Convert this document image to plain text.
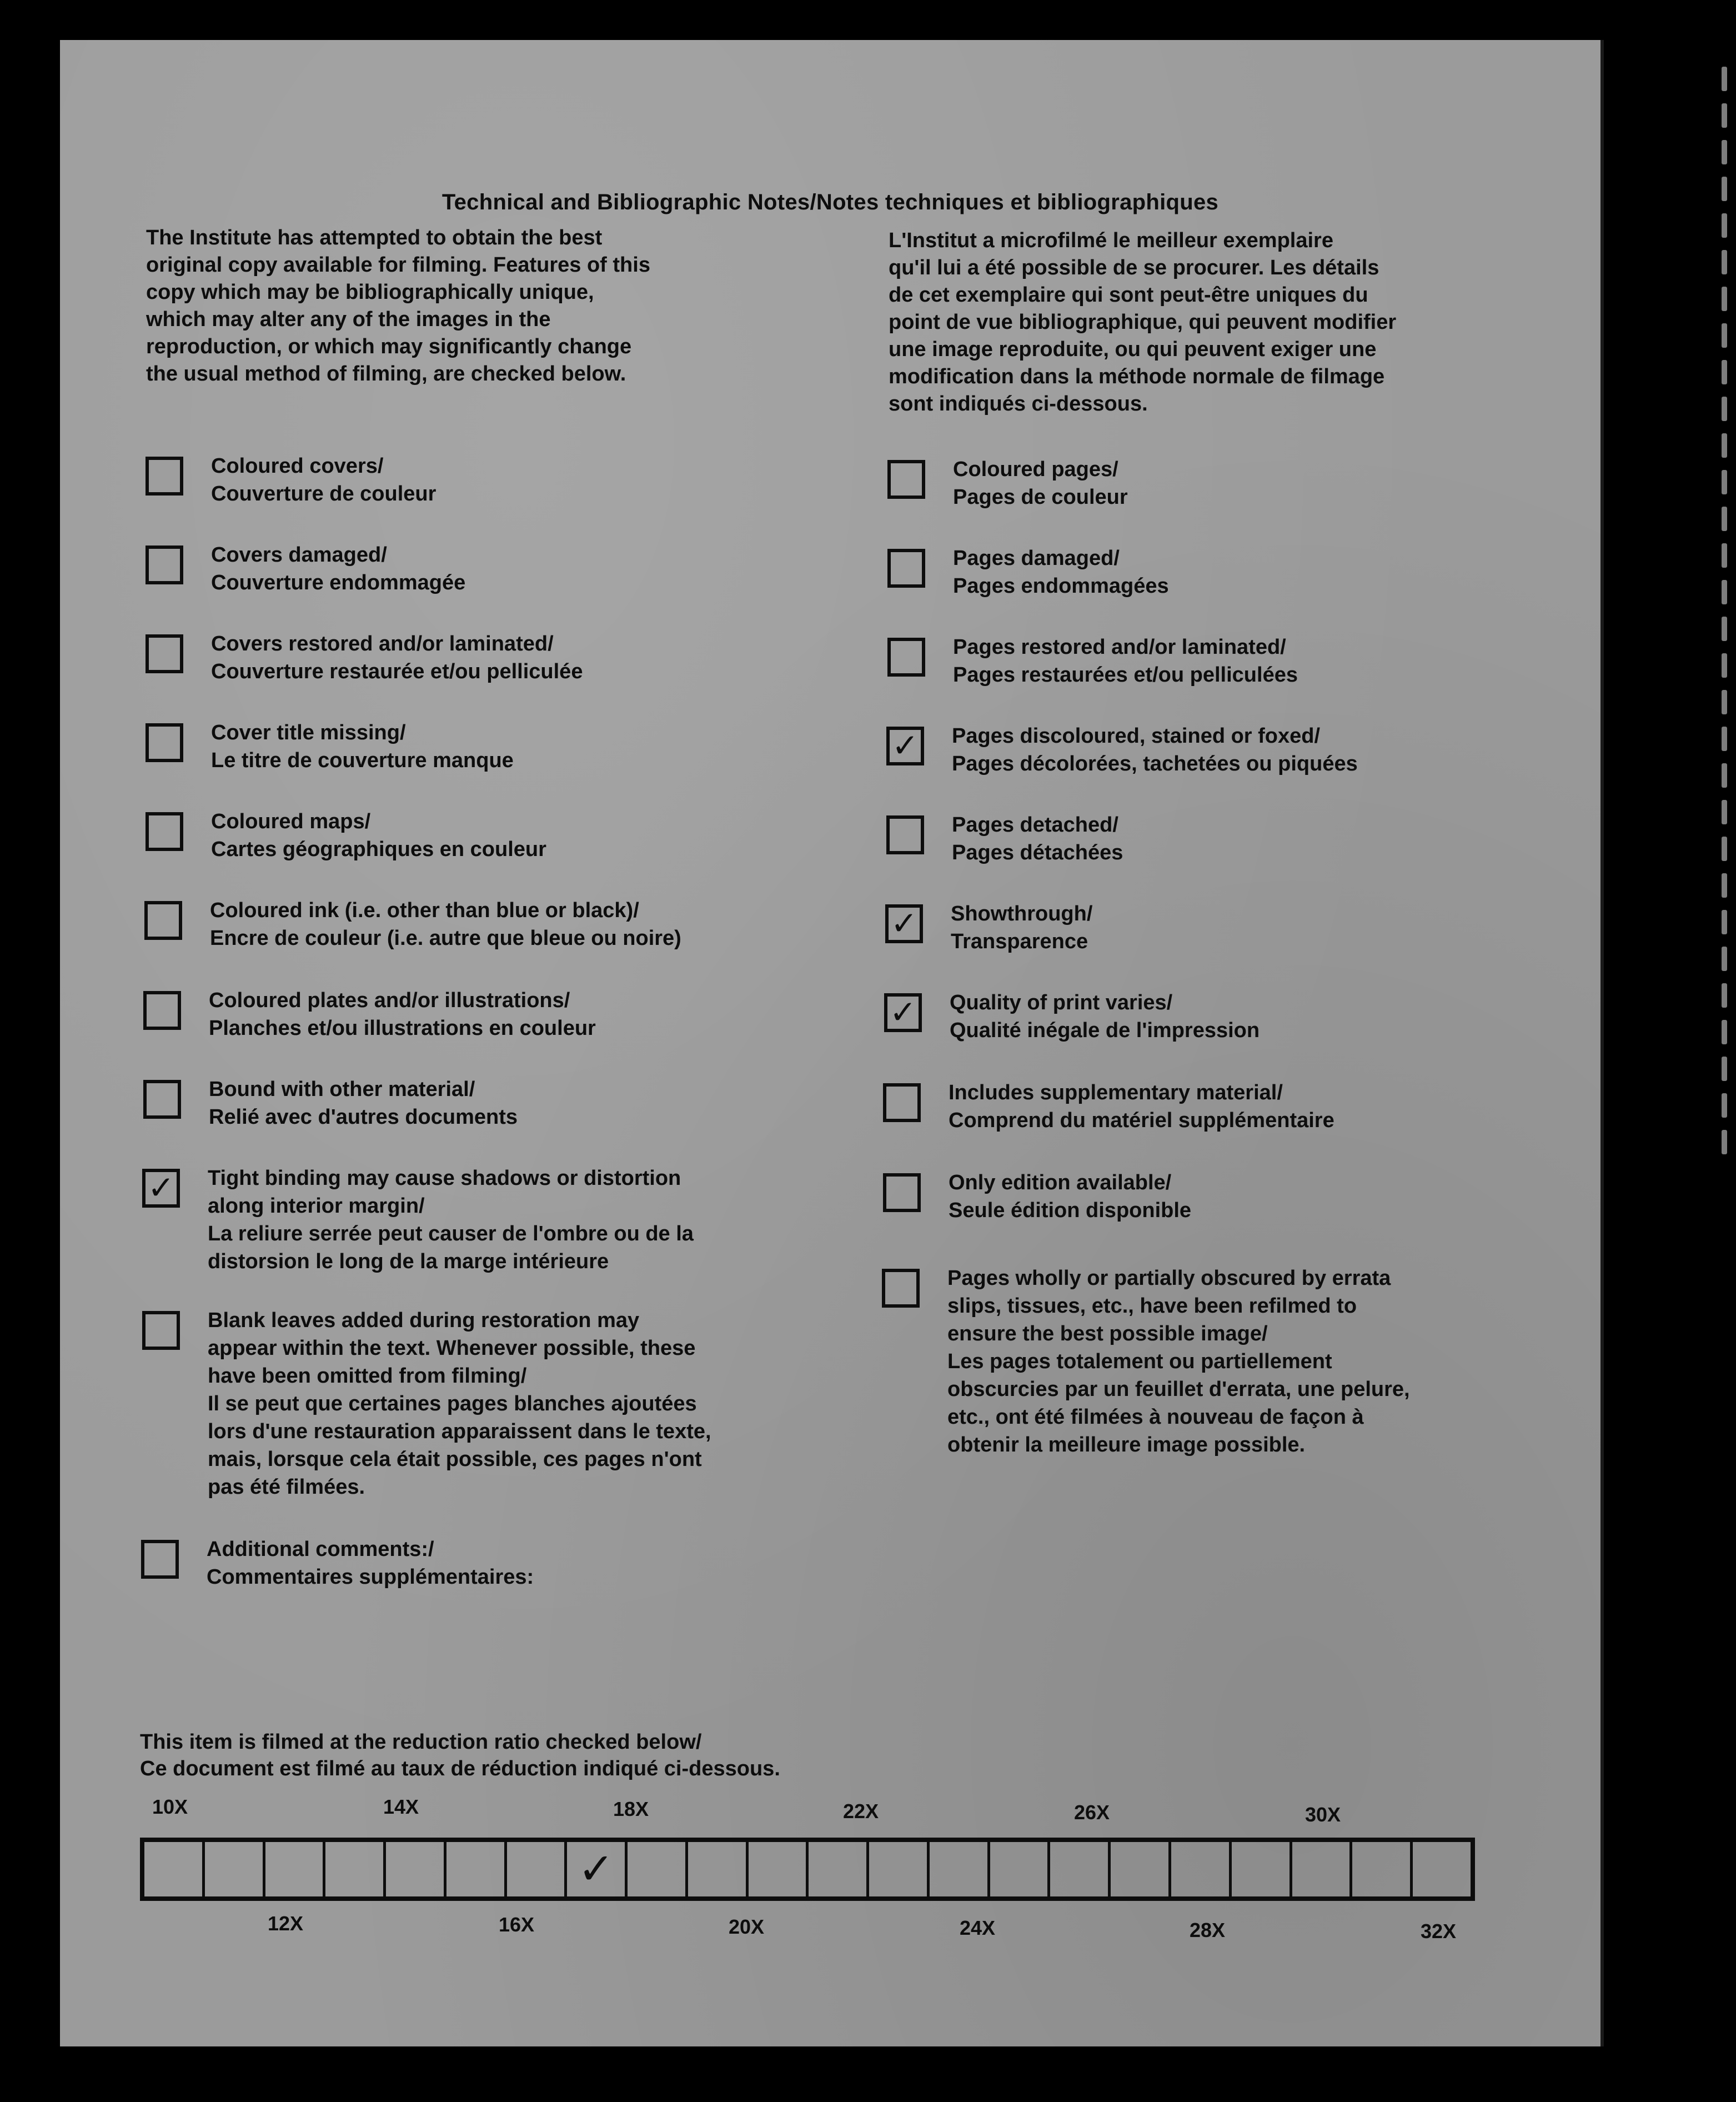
Technical and Bibliographic Notes/Notes techniques et bibliographiques
The Institute has attempted to obtain the best
original copy available for filming. Features of this
copy which may be bibliographically unique,
which may alter any of the images in the
reproduction, or which may significantly change
the usual method of filming, are checked below.
L'Institut a microfilmé le meilleur exemplaire
qu'il lui a été possible de se procurer. Les détails
de cet exemplaire qui sont peut-être uniques du
point de vue bibliographique, qui peuvent modifier
une image reproduite, ou qui peuvent exiger une
modification dans la méthode normale de filmage
sont indiqués ci-dessous.
Coloured covers/
Couverture de couleur
Covers damaged/
Couverture endommagée
Covers restored and/or laminated/
Couverture restaurée et/ou pelliculée
Cover title missing/
Le titre de couverture manque
Coloured maps/
Cartes géographiques en couleur
Coloured ink (i.e. other than blue or black)/
Encre de couleur (i.e. autre que bleue ou noire)
Coloured plates and/or illustrations/
Planches et/ou illustrations en couleur
Bound with other material/
Relié avec d'autres documents
✓ Tight binding may cause shadows or distortion
along interior margin/
La reliure serrée peut causer de l'ombre ou de la
distorsion le long de la marge intérieure
Blank leaves added during restoration may
appear within the text. Whenever possible, these
have been omitted from filming/
Il se peut que certaines pages blanches ajoutées
lors d'une restauration apparaissent dans le texte,
mais, lorsque cela était possible, ces pages n'ont
pas été filmées.
Additional comments:/
Commentaires supplémentaires:
Coloured pages/
Pages de couleur
Pages damaged/
Pages endommagées
Pages restored and/or laminated/
Pages restaurées et/ou pelliculées
✓ Pages discoloured, stained or foxed/
Pages décolorées, tachetées ou piquées
Pages detached/
Pages détachées
✓ Showthrough/
Transparence
✓ Quality of print varies/
Qualité inégale de l'impression
Includes supplementary material/
Comprend du matériel supplémentaire
Only edition available/
Seule édition disponible
Pages wholly or partially obscured by errata
slips, tissues, etc., have been refilmed to
ensure the best possible image/
Les pages totalement ou partiellement
obscurcies par un feuillet d'errata, une pelure,
etc., ont été filmées à nouveau de façon à
obtenir la meilleure image possible.
This item is filmed at the reduction ratio checked below/
Ce document est filmé au taux de réduction indiqué ci-dessous.
10X	14X	18X	22X	26X	30X
✓
12X	16X	20X	24X	28X	32X
